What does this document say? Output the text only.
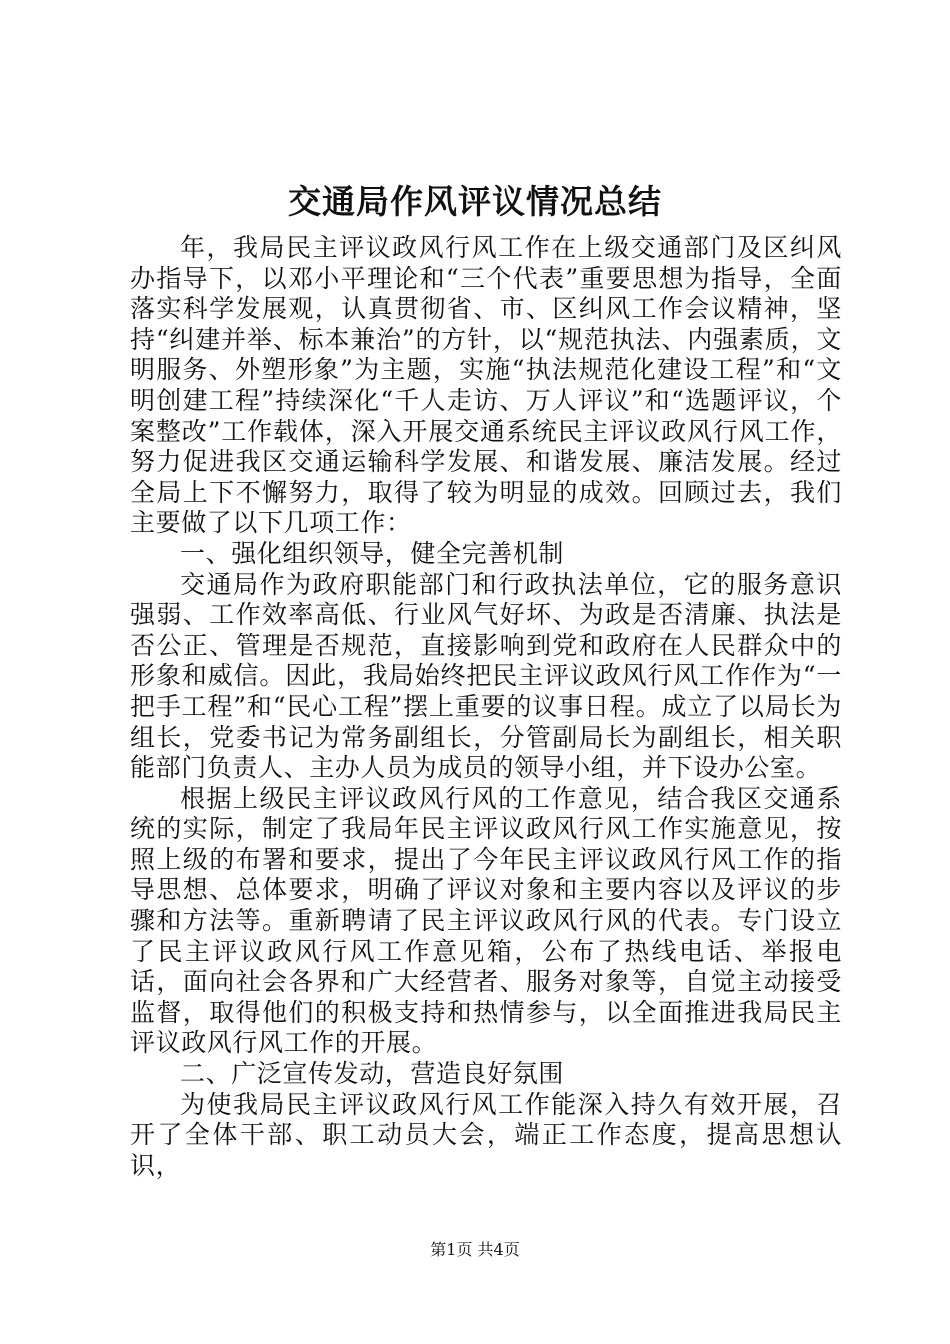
交通局作风评议情况总结

年，我局民主评议政风行风工作在上级交通部门及区纠风办指导下，以邓小平理论和“三个代表”重要思想为指导，全面落实科学发展观，认真贯彻省、市、区纠风工作会议精神，坚持“纠建并举、标本兼治”的方针，以“规范执法、内强素质，文明服务、外塑形象”为主题，实施“执法规范化建设工程”和“文明创建工程”持续深化“千人走访、万人评议”和“选题评议，个案整改”工作载体，深入开展交通系统民主评议政风行风工作，努力促进我区交通运输科学发展、和谐发展、廉洁发展。经过全局上下不懈努力，取得了较为明显的成效。回顾过去，我们主要做了以下几项工作：

一、强化组织领导，健全完善机制

交通局作为政府职能部门和行政执法单位，它的服务意识强弱、工作效率高低、行业风气好坏、为政是否清廉、执法是否公正、管理是否规范，直接影响到党和政府在人民群众中的形象和威信。因此，我局始终把民主评议政风行风工作作为“一把手工程”和“民心工程”摆上重要的议事日程。成立了以局长为组长，党委书记为常务副组长，分管副局长为副组长，相关职能部门负责人、主办人员为成员的领导小组，并下设办公室。

根据上级民主评议政风行风的工作意见，结合我区交通系统的实际，制定了我局年民主评议政风行风工作实施意见，按照上级的布署和要求，提出了今年民主评议政风行风工作的指导思想、总体要求，明确了评议对象和主要内容以及评议的步骤和方法等。重新聘请了民主评议政风行风的代表。专门设立了民主评议政风行风工作意见箱，公布了热线电话、举报电话，面向社会各界和广大经营者、服务对象等，自觉主动接受监督，取得他们的积极支持和热情参与，以全面推进我局民主评议政风行风工作的开展。

二、广泛宣传发动，营造良好氛围

为使我局民主评议政风行风工作能深入持久有效开展，召开了全体干部、职工动员大会，端正工作态度，提高思想认识，

第1页 共4页
